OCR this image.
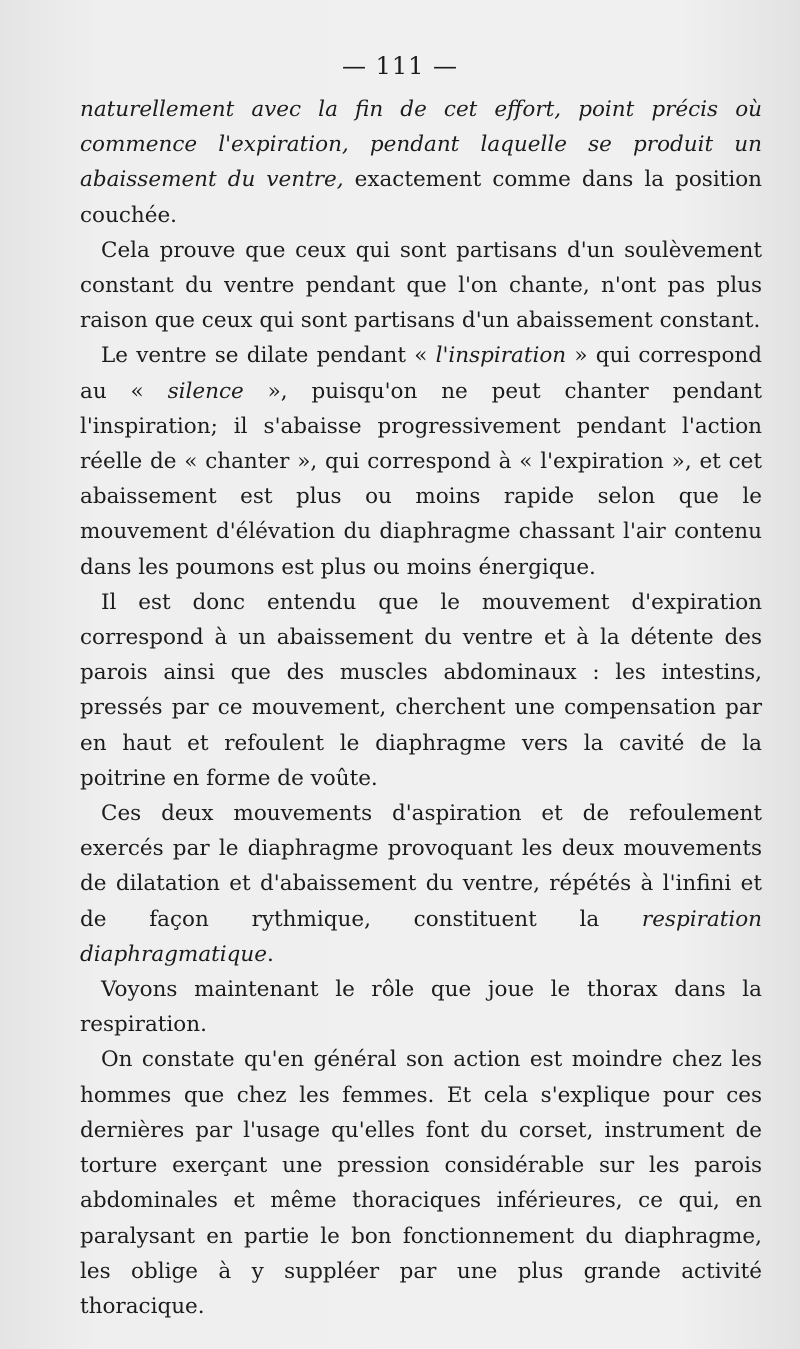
— 111 —

naturellement avec la fin de cet effort, point précis où commence l'expiration, pendant laquelle se produit un abaissement du ventre, exactement comme dans la position couchée.

Cela prouve que ceux qui sont partisans d'un soulèvement constant du ventre pendant que l'on chante, n'ont pas plus raison que ceux qui sont partisans d'un abaissement constant.

Le ventre se dilate pendant « l'inspiration » qui correspond au « silence », puisqu'on ne peut chanter pendant l'inspiration; il s'abaisse progressivement pendant l'action réelle de « chanter », qui correspond à « l'expiration », et cet abaissement est plus ou moins rapide selon que le mouvement d'élévation du diaphragme chassant l'air contenu dans les poumons est plus ou moins énergique.

Il est donc entendu que le mouvement d'expiration correspond à un abaissement du ventre et à la détente des parois ainsi que des muscles abdominaux : les intestins, pressés par ce mouvement, cherchent une compensation par en haut et refoulent le diaphragme vers la cavité de la poitrine en forme de voûte.

Ces deux mouvements d'aspiration et de refoulement exercés par le diaphragme provoquant les deux mouvements de dilatation et d'abaissement du ventre, répétés à l'infini et de façon rythmique, constituent la respiration diaphragmatique.

Voyons maintenant le rôle que joue le thorax dans la respiration.

On constate qu'en général son action est moindre chez les hommes que chez les femmes. Et cela s'explique pour ces dernières par l'usage qu'elles font du corset, instrument de torture exerçant une pression considérable sur les parois abdominales et même thoraciques inférieures, ce qui, en paralysant en partie le bon fonctionnement du diaphragme, les oblige à y suppléer par une plus grande activité thoracique.
